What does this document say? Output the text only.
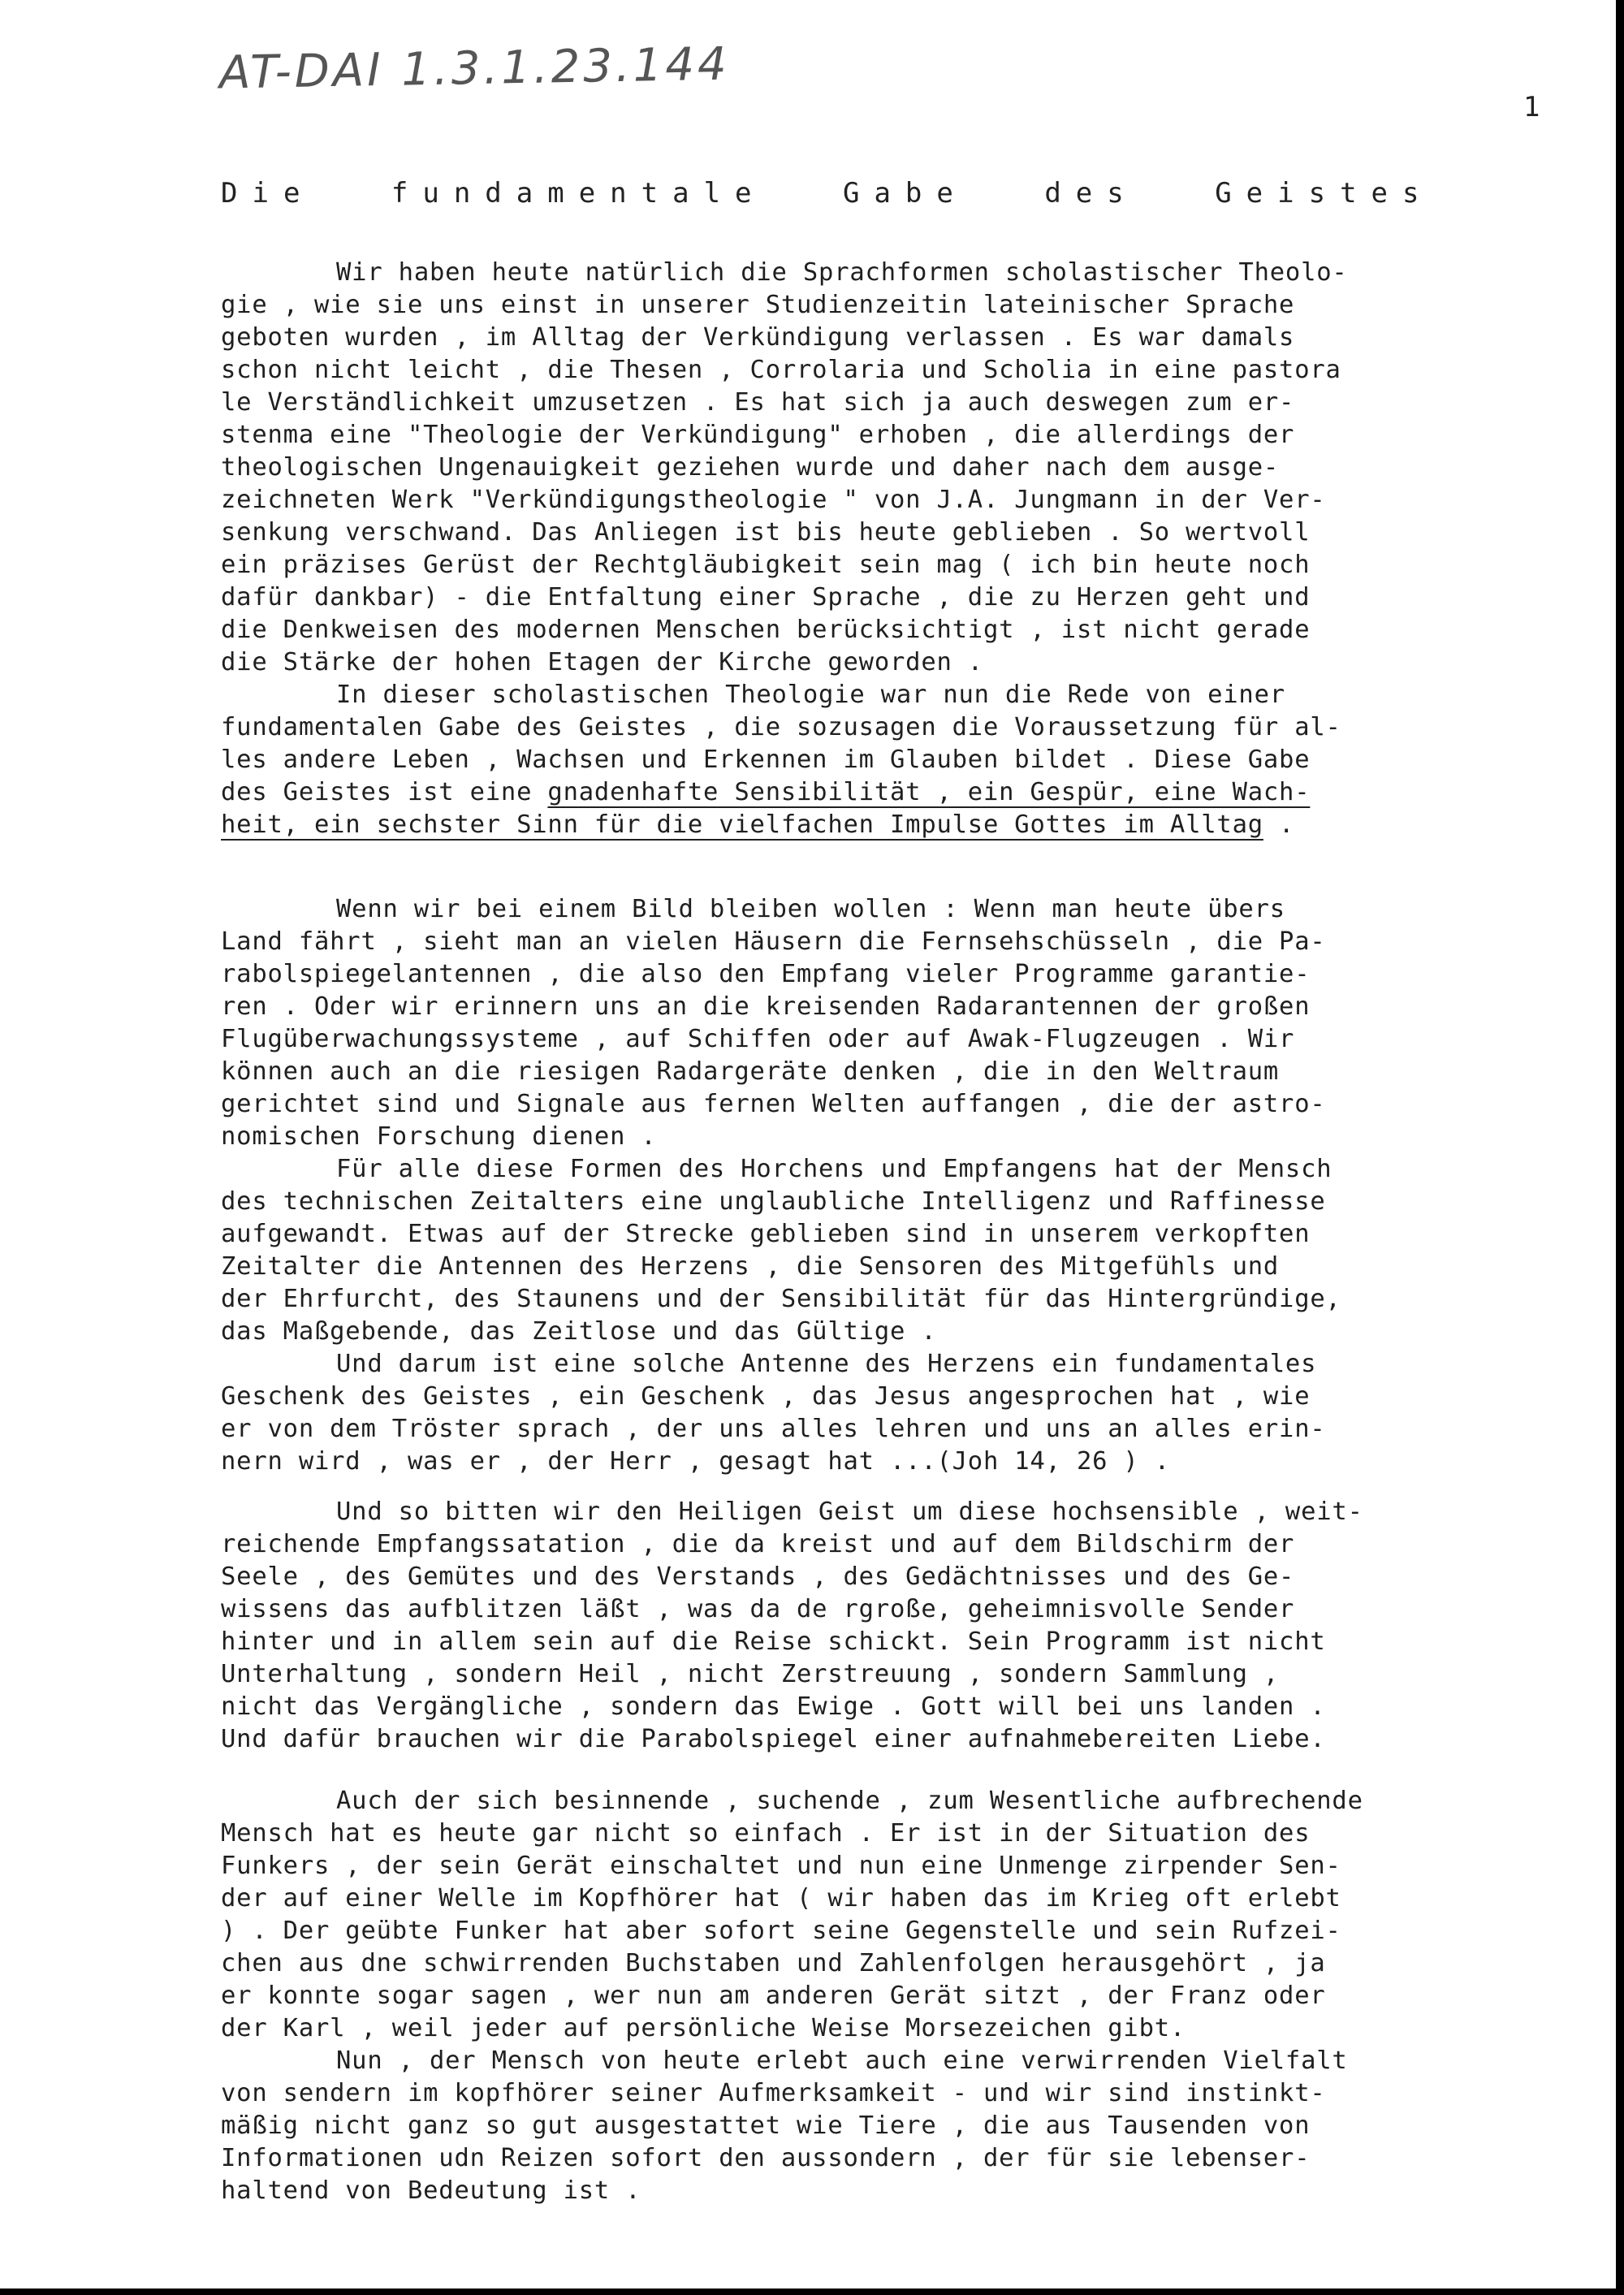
AT-DAI 1.3.1.23.144
1
Die fundamentale Gabe des Geistes
Wir haben heute natürlich die Sprachformen scholastischer Theolo-
gie , wie sie uns einst in unserer Studienzeitin lateinischer Sprache
geboten wurden , im Alltag der Verkündigung verlassen . Es war damals
schon nicht leicht , die Thesen , Corrolaria und Scholia in eine pastora
le Verständlichkeit umzusetzen . Es hat sich ja auch deswegen zum er-
stenma eine "Theologie der Verkündigung" erhoben , die allerdings der
theologischen Ungenauigkeit geziehen wurde und daher nach dem ausge-
zeichneten Werk "Verkündigungstheologie " von J.A. Jungmann in der Ver-
senkung verschwand. Das Anliegen ist bis heute geblieben . So wertvoll
ein präzises Gerüst der Rechtgläubigkeit sein mag ( ich bin heute noch
dafür dankbar) - die Entfaltung einer Sprache , die zu Herzen geht und
die Denkweisen des modernen Menschen berücksichtigt , ist nicht gerade
die Stärke der hohen Etagen der Kirche geworden .
In dieser scholastischen Theologie war nun die Rede von einer
fundamentalen Gabe des Geistes , die sozusagen die Voraussetzung für al-
les andere Leben , Wachsen und Erkennen im Glauben bildet . Diese Gabe
des Geistes ist eine gnadenhafte Sensibilität , ein Gespür, eine Wach-
heit, ein sechster Sinn für die vielfachen Impulse Gottes im Alltag .
Wenn wir bei einem Bild bleiben wollen : Wenn man heute übers
Land fährt , sieht man an vielen Häusern die Fernsehschüsseln , die Pa-
rabolspiegelantennen , die also den Empfang vieler Programme garantie-
ren . Oder wir erinnern uns an die kreisenden Radarantennen der großen
Flugüberwachungssysteme , auf Schiffen oder auf Awak-Flugzeugen . Wir
können auch an die riesigen Radargeräte denken , die in den Weltraum
gerichtet sind und Signale aus fernen Welten auffangen , die der astro-
nomischen Forschung dienen .
Für alle diese Formen des Horchens und Empfangens hat der Mensch
des technischen Zeitalters eine unglaubliche Intelligenz und Raffinesse
aufgewandt. Etwas auf der Strecke geblieben sind in unserem verkopften
Zeitalter die Antennen des Herzens , die Sensoren des Mitgefühls und
der Ehrfurcht, des Staunens und der Sensibilität für das Hintergründige,
das Maßgebende, das Zeitlose und das Gültige .
Und darum ist eine solche Antenne des Herzens ein fundamentales
Geschenk des Geistes , ein Geschenk , das Jesus angesprochen hat , wie
er von dem Tröster sprach , der uns alles lehren und uns an alles erin-
nern wird , was er , der Herr , gesagt hat ...(Joh 14, 26 ) .
Und so bitten wir den Heiligen Geist um diese hochsensible , weit-
reichende Empfangssatation , die da kreist und auf dem Bildschirm der
Seele , des Gemütes und des Verstands , des Gedächtnisses und des Ge-
wissens das aufblitzen läßt , was da de rgroße, geheimnisvolle Sender
hinter und in allem sein auf die Reise schickt. Sein Programm ist nicht
Unterhaltung , sondern Heil , nicht Zerstreuung , sondern Sammlung ,
nicht das Vergängliche , sondern das Ewige . Gott will bei uns landen .
Und dafür brauchen wir die Parabolspiegel einer aufnahmebereiten Liebe.
Auch der sich besinnende , suchende , zum Wesentliche aufbrechende
Mensch hat es heute gar nicht so einfach . Er ist in der Situation des
Funkers , der sein Gerät einschaltet und nun eine Unmenge zirpender Sen-
der auf einer Welle im Kopfhörer hat ( wir haben das im Krieg oft erlebt
) . Der geübte Funker hat aber sofort seine Gegenstelle und sein Rufzei-
chen aus dne schwirrenden Buchstaben und Zahlenfolgen herausgehört , ja
er konnte sogar sagen , wer nun am anderen Gerät sitzt , der Franz oder
der Karl , weil jeder auf persönliche Weise Morsezeichen gibt.
Nun , der Mensch von heute erlebt auch eine verwirrenden Vielfalt
von sendern im kopfhörer seiner Aufmerksamkeit - und wir sind instinkt-
mäßig nicht ganz so gut ausgestattet wie Tiere , die aus Tausenden von
Informationen udn Reizen sofort den aussondern , der für sie lebenser-
haltend von Bedeutung ist .
